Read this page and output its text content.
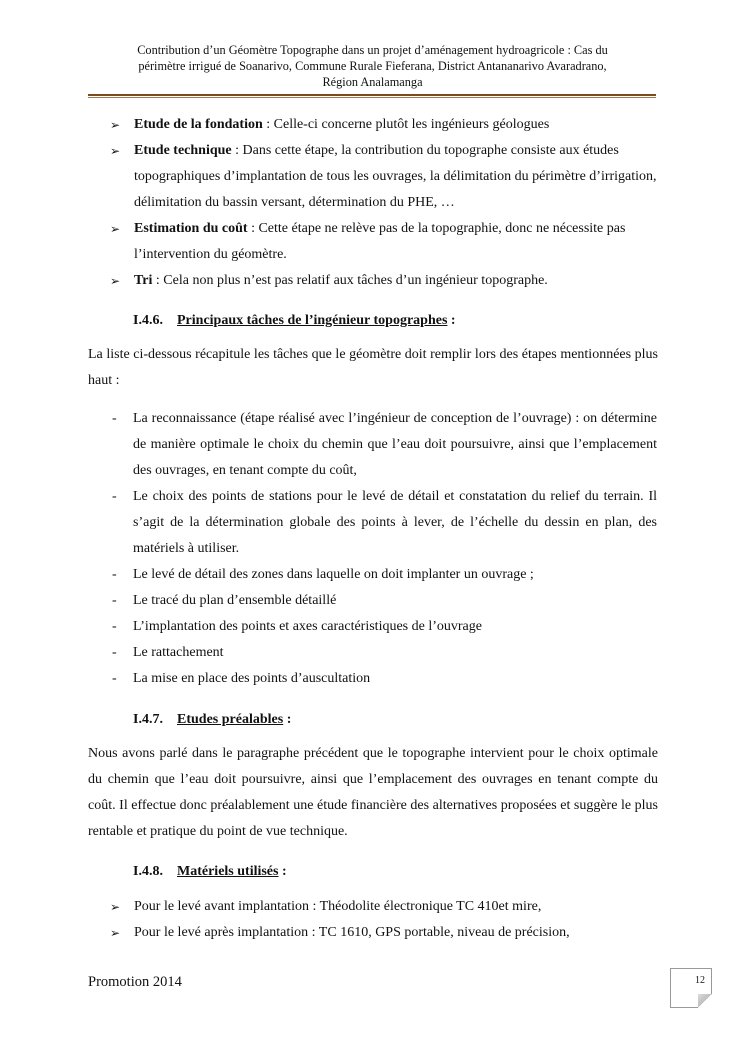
Contribution d’un Géomètre Topographe dans un projet d’aménagement hydroagricole : Cas du
périmètre irrigué de Soanarivo, Commune Rurale Fieferana, District Antananarivo Avaradrano,
Région Analamanga
➢ Etude de la fondation : Celle-ci concerne plutôt les ingénieurs géologues
➢ Etude technique : Dans cette étape, la contribution du topographe consiste aux études topographiques d’implantation de tous les ouvrages, la délimitation du périmètre d’irrigation, délimitation du bassin versant, détermination du PHE, …
➢ Estimation du coût : Cette étape ne relève pas de la topographie, donc ne nécessite pas l’intervention du géomètre.
➢ Tri : Cela non plus n’est pas relatif aux tâches d’un ingénieur topographe.
I.4.6. Principaux tâches de l’ingénieur topographes :
La liste ci-dessous récapitule les tâches que le géomètre doit remplir lors des étapes mentionnées plus haut :
- La reconnaissance (étape réalisé avec l’ingénieur de conception de l’ouvrage) : on détermine de manière optimale le choix du chemin que l’eau doit poursuivre, ainsi que l’emplacement des ouvrages, en tenant compte du coût,
- Le choix des points de stations pour le levé de détail et constatation du relief du terrain. Il s’agit de la détermination globale des points à lever, de l’échelle du dessin en plan, des matériels à utiliser.
- Le levé de détail des zones dans laquelle on doit implanter un ouvrage ;
- Le tracé du plan d’ensemble détaillé
- L’implantation des points et axes caractéristiques de l’ouvrage
- Le rattachement
- La mise en place des points d’auscultation
I.4.7. Etudes préalables :
Nous avons parlé dans le paragraphe précédent que le topographe intervient pour le choix optimale du chemin que l’eau doit poursuivre, ainsi que l’emplacement des ouvrages en tenant compte du coût. Il effectue donc préalablement une étude financière des alternatives proposées et suggère le plus rentable et pratique du point de vue technique.
I.4.8. Matériels utilisés :
➢ Pour le levé avant implantation : Théodolite électronique TC 410et mire,
➢ Pour le levé après implantation : TC 1610, GPS portable, niveau de précision,
Promotion 2014	12
